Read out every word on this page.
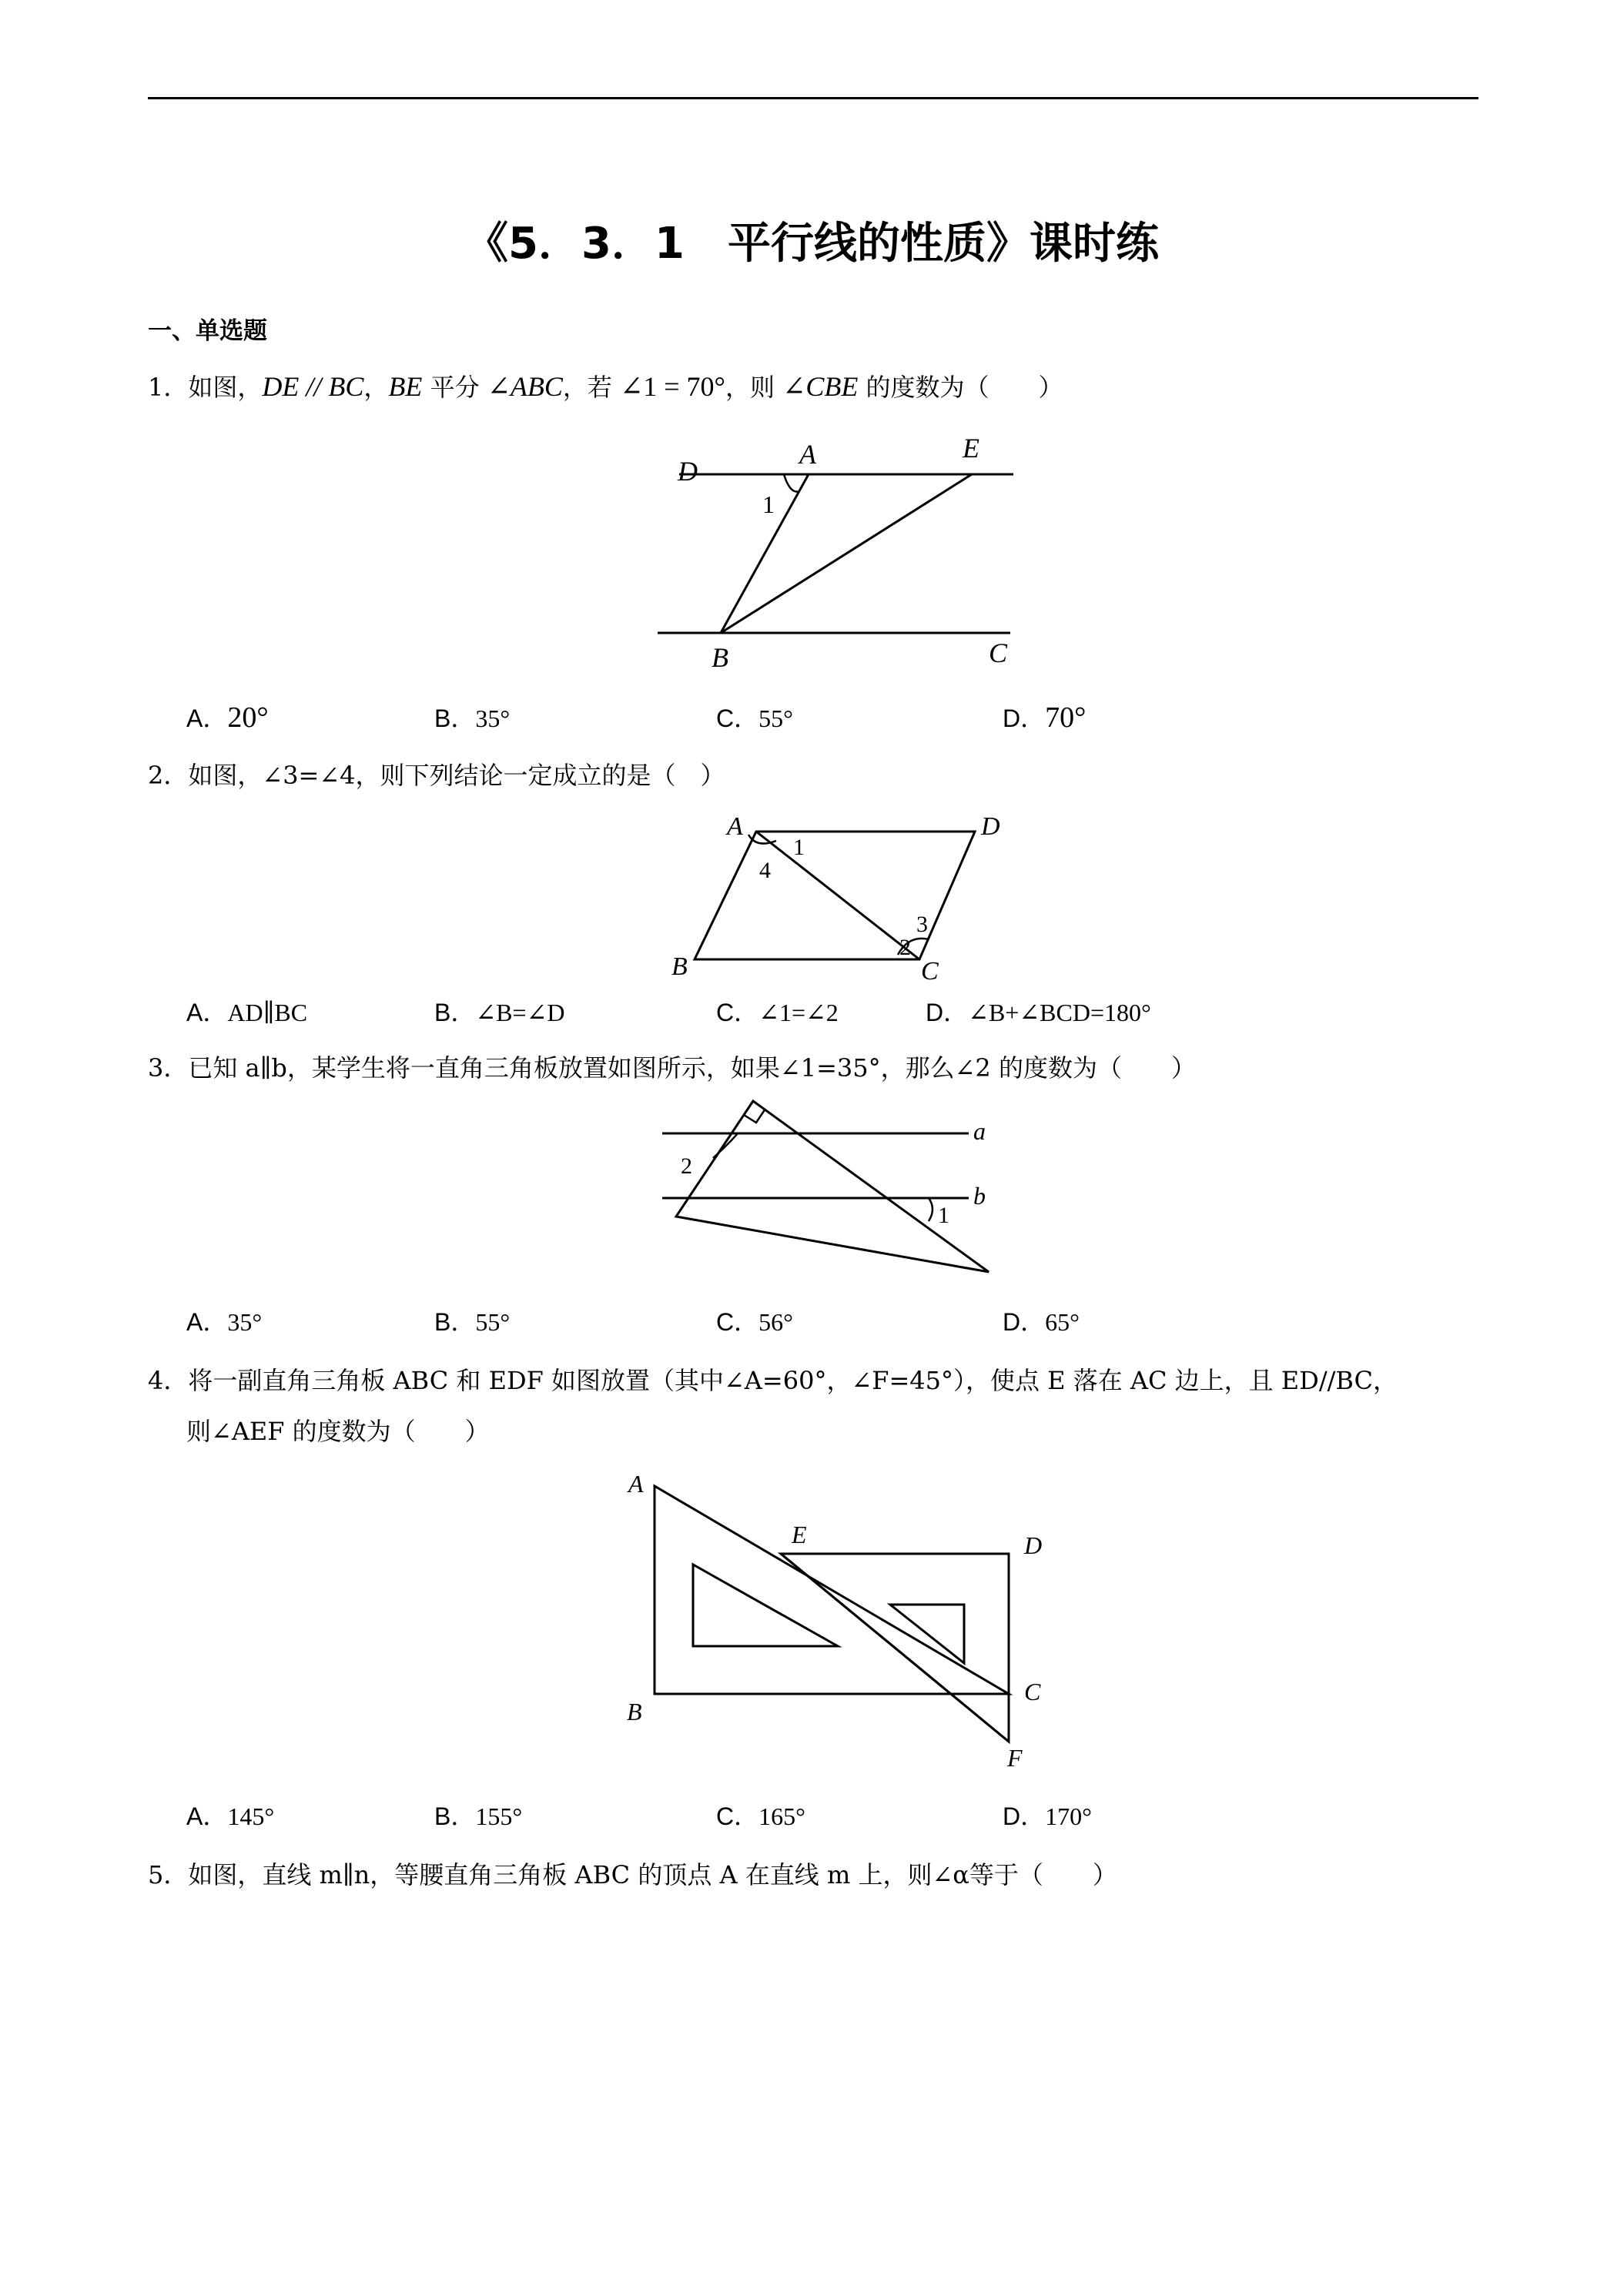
《5．3．1　平行线的性质》课时练
一、单选题
1．如图，DE // BC，BE 平分 ∠ABC，若 ∠1 = 70°，则 ∠CBE 的度数为（　　）
D
A	E
B	C
1
A．20°	B．35°	C．55°	D．70°
2．如图，∠3=∠4，则下列结论一定成立的是（　）
A	D
B	C
1
4
2
3
A．AD∥BC	B．∠B=∠D	C．∠1=∠2	D．∠B+∠BCD=180°
3．已知 a∥b，某学生将一直角三角板放置如图所示，如果∠1=35°，那么∠2 的度数为（　　）
a
b
2
1
A．35°	B．55°	C．56°	D．65°
4．将一副直角三角板 ABC 和 EDF 如图放置（其中∠A=60°，∠F=45°），使点 E 落在 AC 边上，且 ED//BC，
则∠AEF 的度数为（　　）
A
B
C
D
E
F
A．145°	B．155°	C．165°	D．170°
5．如图，直线 m∥n，等腰直角三角板 ABC 的顶点 A 在直线 m 上，则∠α等于（　　）
